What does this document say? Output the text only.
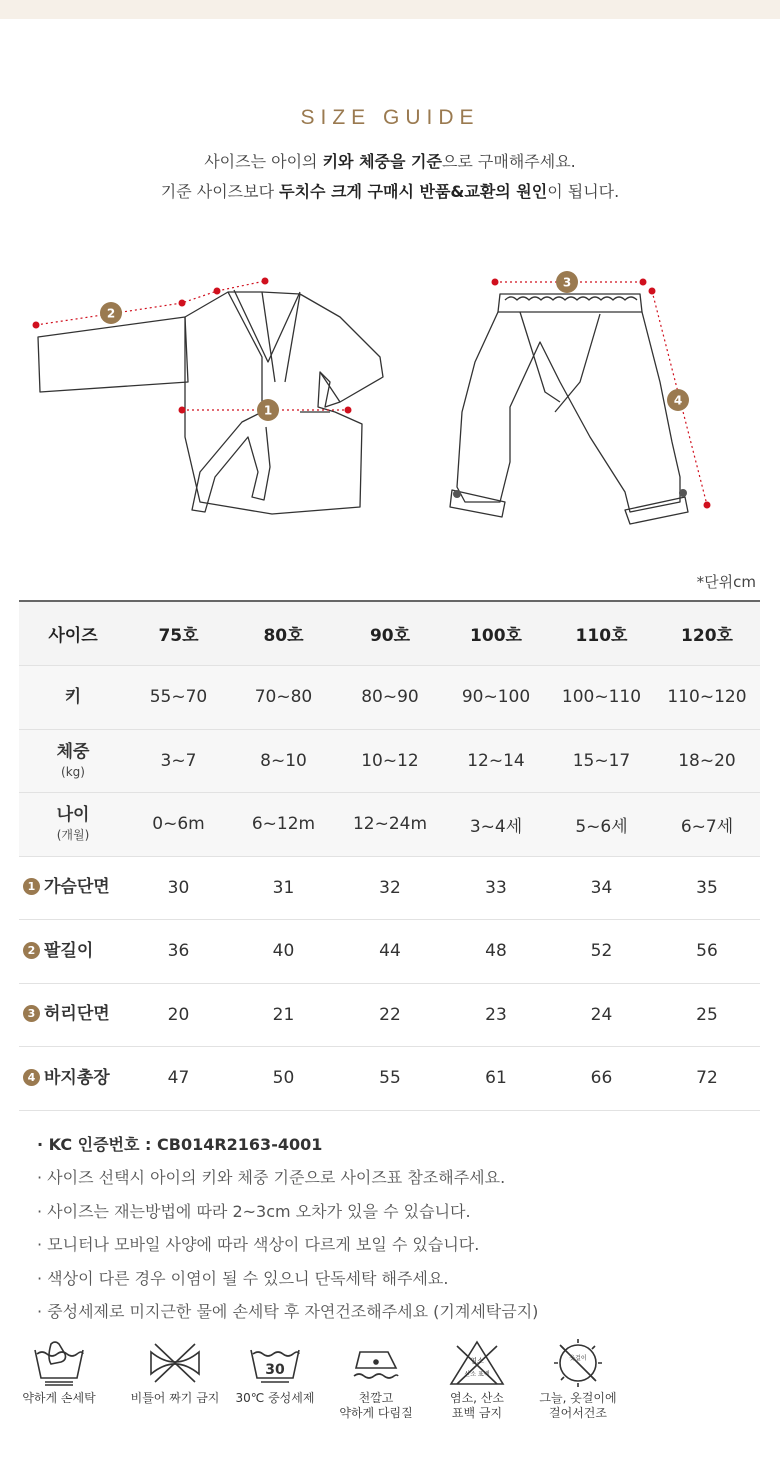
SIZE GUIDE
사이즈는 아이의 키와 체중을 기준으로 구매해주세요.
기준 사이즈보다 두치수 크게 구매시 반품&교환의 원인이 됩니다.
1
2
3
4
*단위cm
사이즈	75호	80호	90호	100호	110호	120호
키	55~70	70~80	80~90	90~100	100~110	110~120
체중
(kg)	3~7	8~10	10~12	12~14	15~17	18~20
나이
(개월)	0~6m	6~12m	12~24m	3~4세	5~6세	6~7세
1 가슴단면	30	31	32	33	34	35
2 팔길이	36	40	44	48	52	56
3 허리단면	20	21	22	23	24	25
4 바지총장	47	50	55	61	66	72
· KC 인증번호 : CB014R2163-4001
· 사이즈 선택시 아이의 키와 체중 기준으로 사이즈표 참조해주세요.
· 사이즈는 재는방법에 따라 2~3cm 오차가 있을 수 있습니다.
· 모니터나 모바일 사양에 따라 색상이 다르게 보일 수 있습니다.
· 색상이 다른 경우 이염이 될 수 있으니 단독세탁 해주세요.
· 중성세제로 미지근한 물에 손세탁 후 자연건조해주세요 (기계세탁금지)
약하게 손세탁	비틀어 짜기 금지
30
30℃ 중성세제	천깔고
약하게 다림질
염소
산소 표백
염소, 산소
표백 금지
옷걸이
그늘, 옷걸이에
걸어서건조
